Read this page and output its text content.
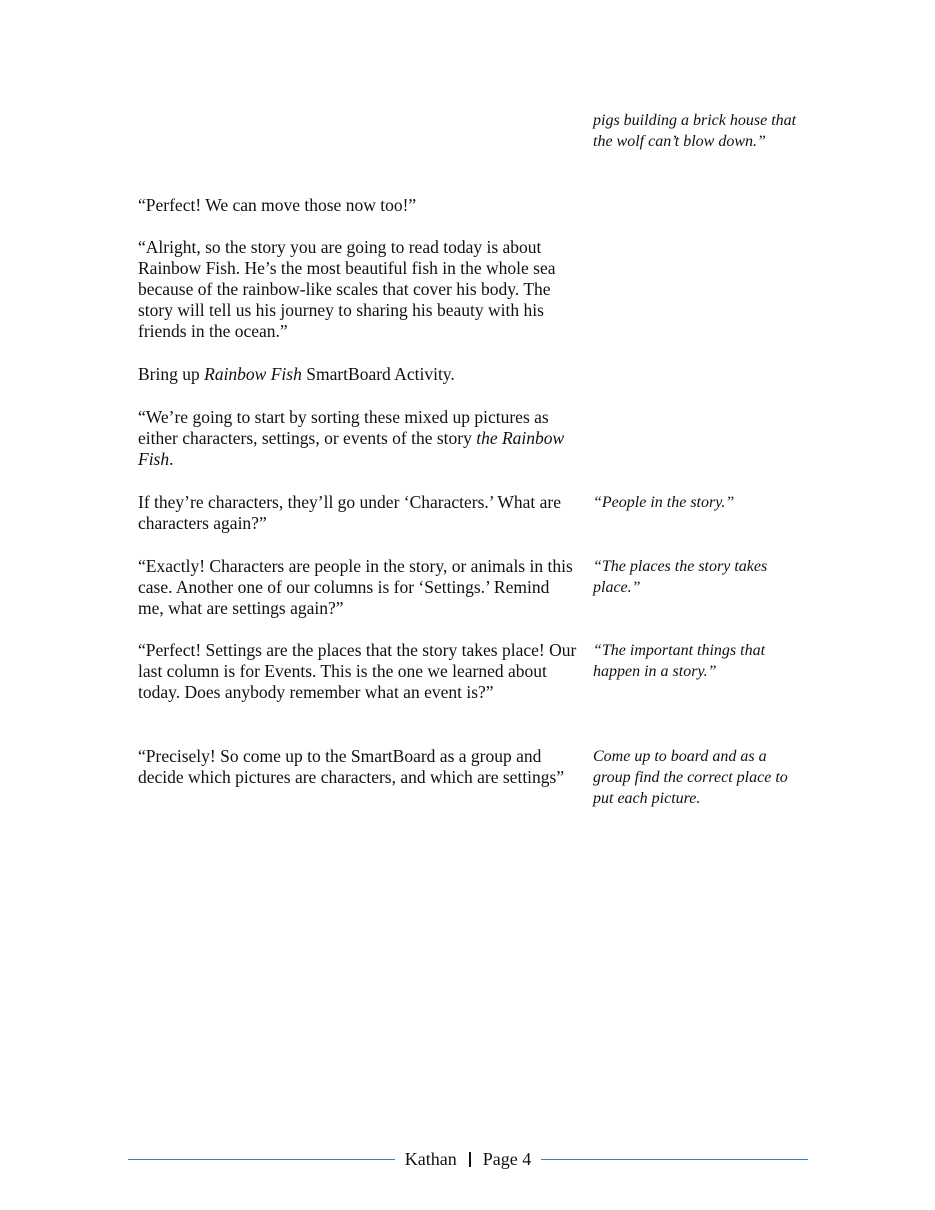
pigs building a brick house that the wolf can’t blow down.”

“Perfect! We can move those now too!”

“Alright, so the story you are going to read today is about Rainbow Fish. He’s the most beautiful fish in the whole sea because of the rainbow-like scales that cover his body. The story will tell us his journey to sharing his beauty with his friends in the ocean.”

Bring up Rainbow Fish SmartBoard Activity.

“We’re going to start by sorting these mixed up pictures as either characters, settings, or events of the story the Rainbow Fish.

If they’re characters, they’ll go under ‘Characters.’ What are characters again?”

“People in the story.”

“Exactly! Characters are people in the story, or animals in this case. Another one of our columns is for ‘Settings.’ Remind me, what are settings again?”

“The places the story takes place.”

“Perfect! Settings are the places that the story takes place! Our last column is for Events. This is the one we learned about today. Does anybody remember what an event is?”

“The important things that happen in a story.”

“Precisely! So come up to the SmartBoard as a group and decide which pictures are characters, and which are settings”

Come up to board and as a group find the correct place to put each picture.

Kathan Page 4
